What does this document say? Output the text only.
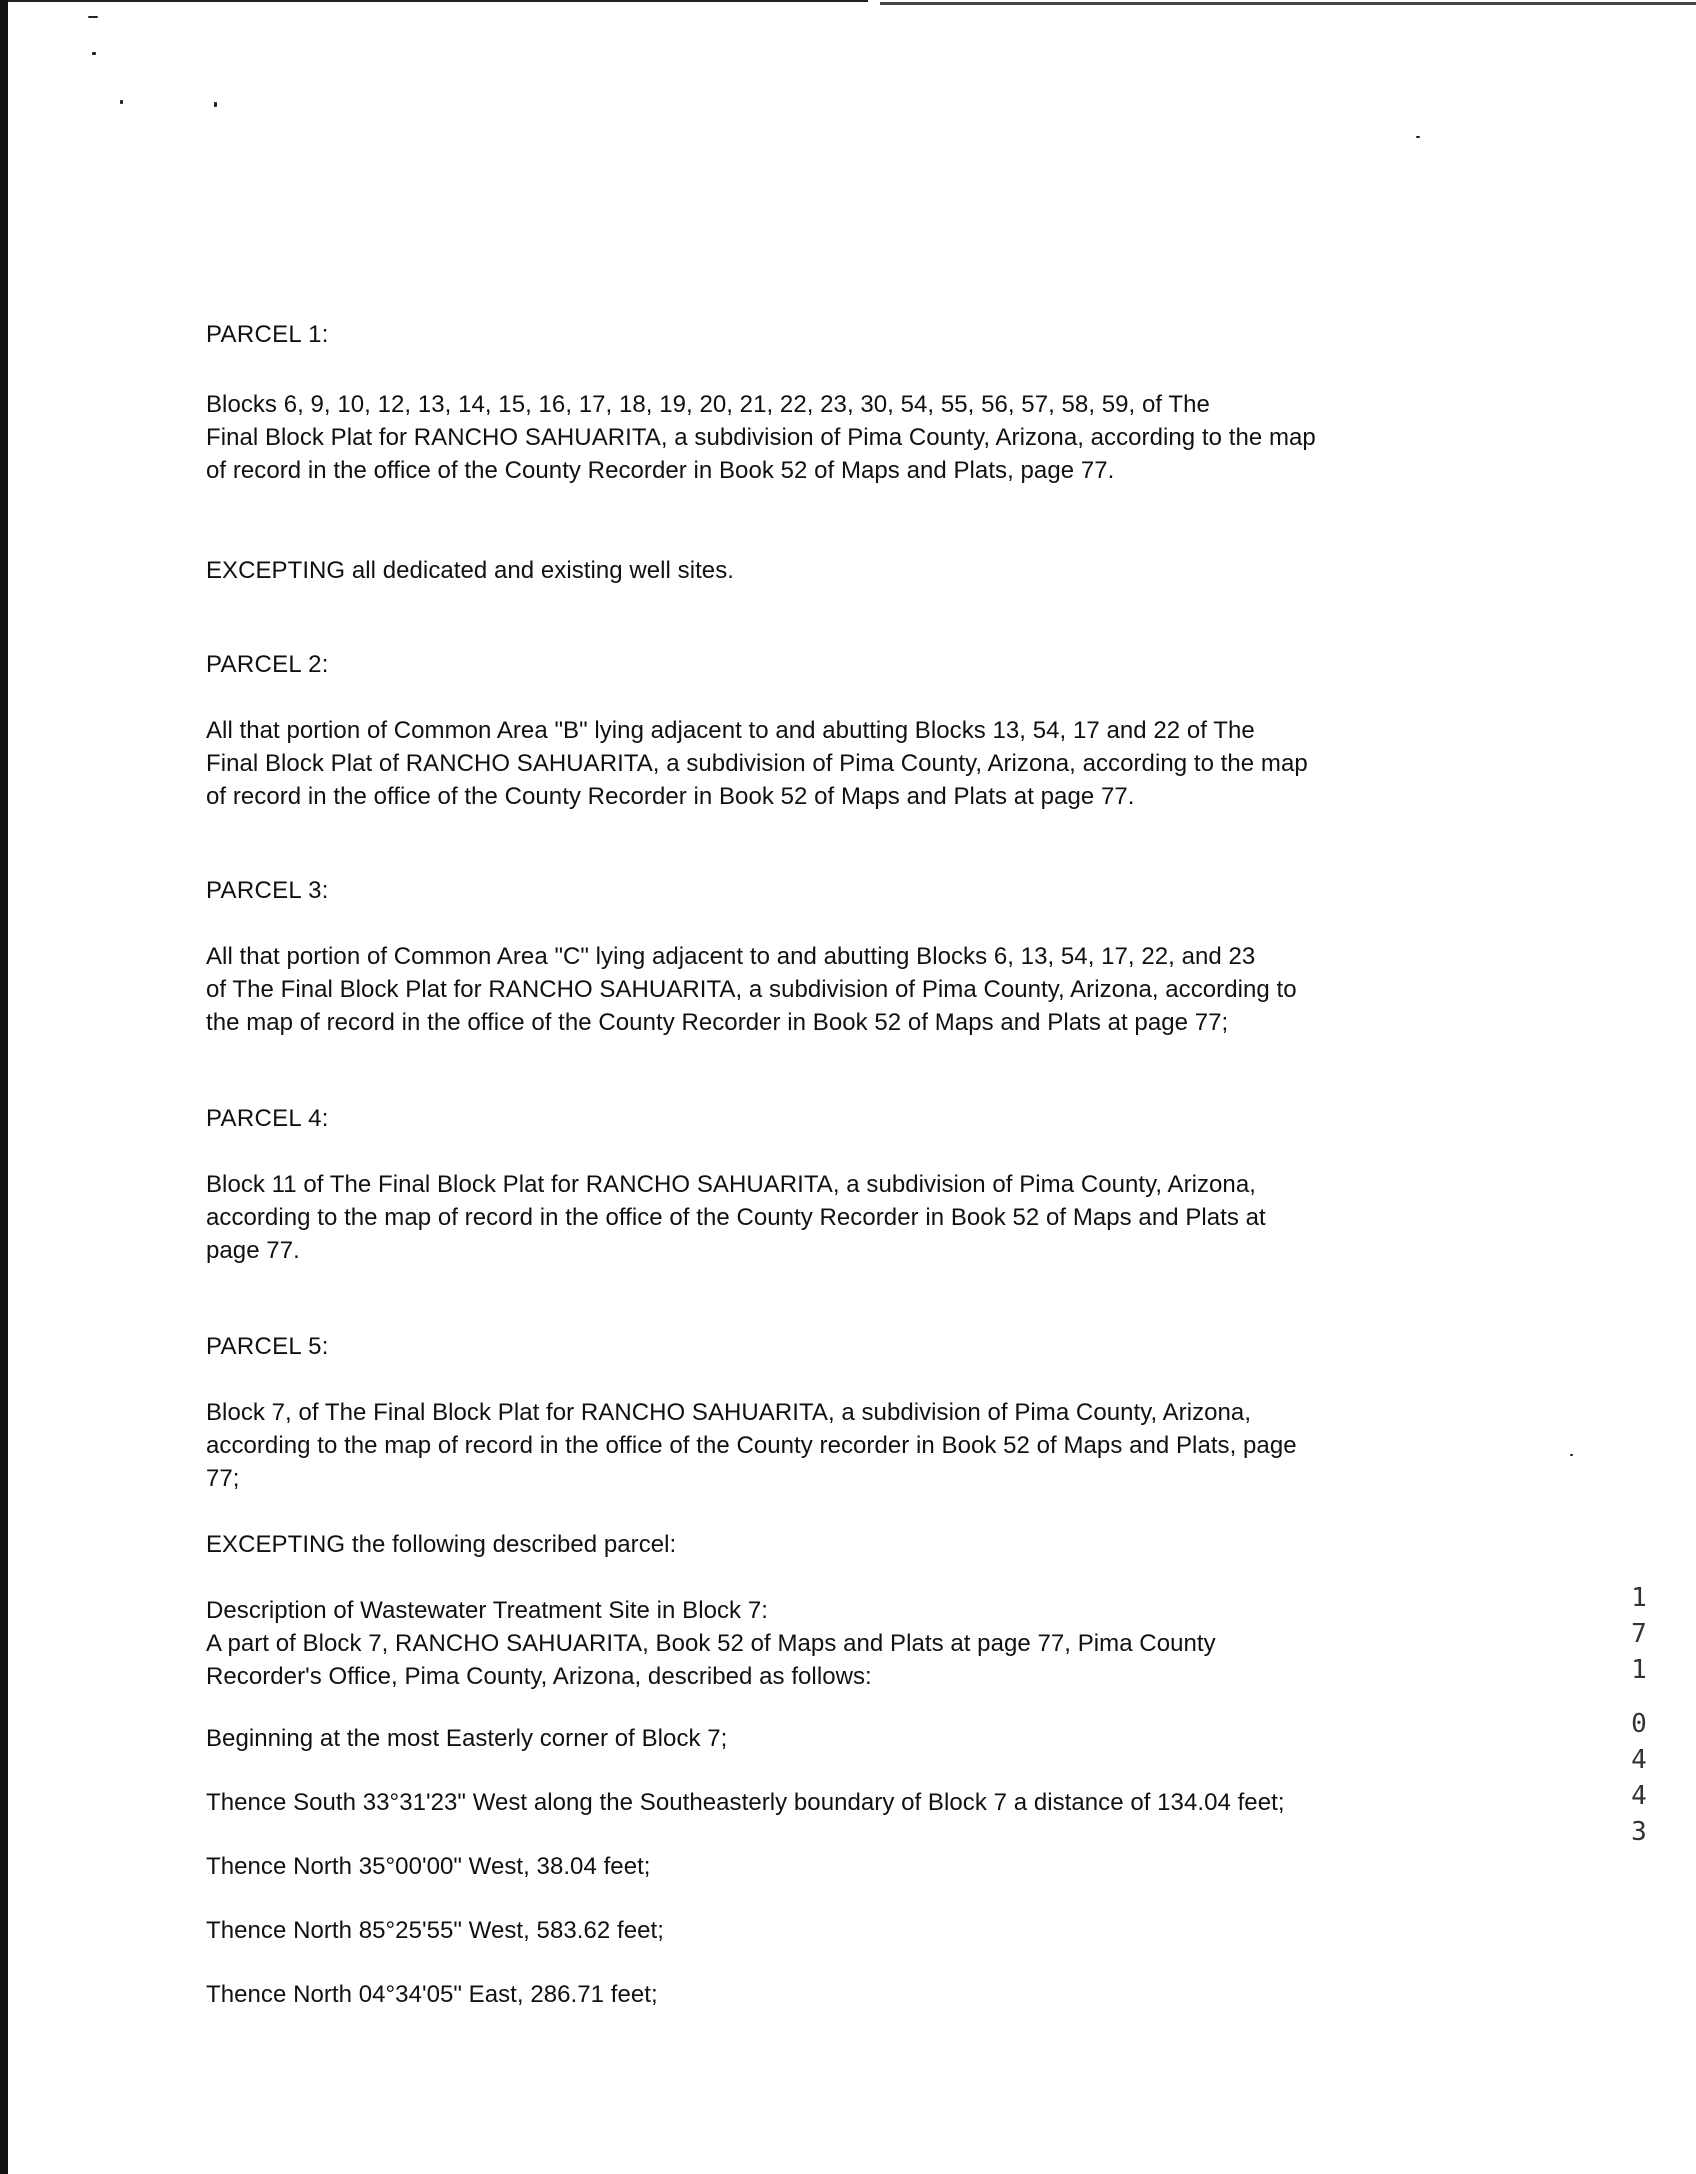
PARCEL 1:
Blocks 6, 9, 10, 12, 13, 14, 15, 16, 17, 18, 19, 20, 21, 22, 23, 30, 54, 55, 56, 57, 58, 59, of The
Final Block Plat for RANCHO SAHUARITA, a subdivision of Pima County, Arizona, according to the map
of record in the office of the County Recorder in Book 52 of Maps and Plats, page 77.
EXCEPTING all dedicated and existing well sites.
PARCEL 2:
All that portion of Common Area "B" lying adjacent to and abutting Blocks 13, 54, 17 and 22 of The
Final Block Plat of RANCHO SAHUARITA, a subdivision of Pima County, Arizona, according to the map
of record in the office of the County Recorder in Book 52 of Maps and Plats at page 77.
PARCEL 3:
All that portion of Common Area "C" lying adjacent to and abutting Blocks 6, 13, 54, 17, 22, and 23
of The Final Block Plat for RANCHO SAHUARITA, a subdivision of Pima County, Arizona, according to
the map of record in the office of the County Recorder in Book 52 of Maps and Plats at page 77;
PARCEL 4:
Block 11 of The Final Block Plat for RANCHO SAHUARITA, a subdivision of Pima County, Arizona,
according to the map of record in the office of the County Recorder in Book 52 of Maps and Plats at
page 77.
PARCEL 5:
Block 7, of The Final Block Plat for RANCHO SAHUARITA, a subdivision of Pima County, Arizona,
according to the map of record in the office of the County recorder in Book 52 of Maps and Plats, page
77;
EXCEPTING the following described parcel:
Description of Wastewater Treatment Site in Block 7:
A part of Block 7, RANCHO SAHUARITA, Book 52 of Maps and Plats at page 77, Pima County
Recorder's Office, Pima County, Arizona, described as follows:
Beginning at the most Easterly corner of Block 7;
Thence South 33°31'23" West along the Southeasterly boundary of Block 7 a distance of 134.04 feet;
Thence North 35°00'00" West, 38.04 feet;
Thence North 85°25'55" West, 583.62 feet;
Thence North 04°34'05" East, 286.71 feet;
1
7
1
0
4
4
3
